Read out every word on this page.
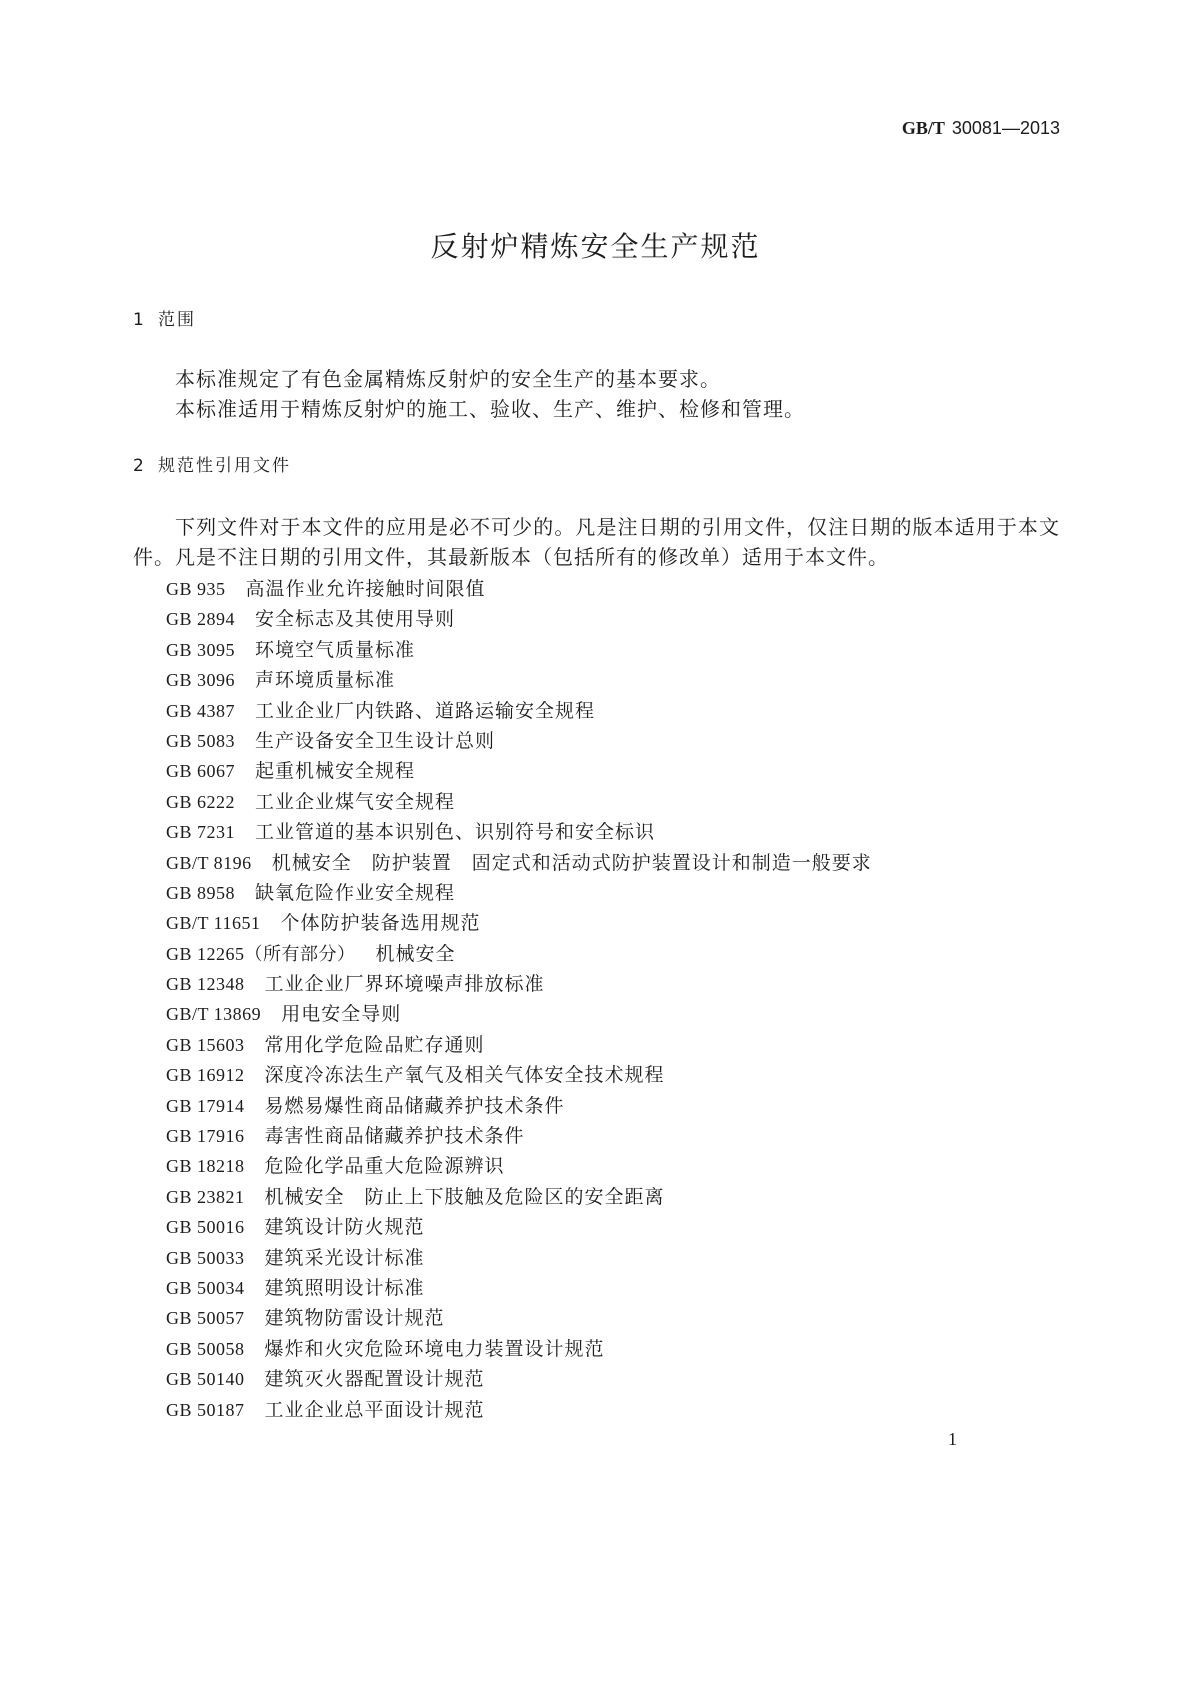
GB/T 30081—2013
反射炉精炼安全生产规范
1 范围

本标准规定了有色金属精炼反射炉的安全生产的基本要求。

本标准适用于精炼反射炉的施工、验收、生产、维护、检修和管理。

2 规范性引用文件

下列文件对于本文件的应用是必不可少的。凡是注日期的引用文件，仅注日期的版本适用于本文件。凡是不注日期的引用文件，其最新版本（包括所有的修改单）适用于本文件。

GB 935 高温作业允许接触时间限值
GB 2894 安全标志及其使用导则
GB 3095 环境空气质量标准
GB 3096 声环境质量标准
GB 4387 工业企业厂内铁路、道路运输安全规程
GB 5083 生产设备安全卫生设计总则
GB 6067 起重机械安全规程
GB 6222 工业企业煤气安全规程
GB 7231 工业管道的基本识别色、识别符号和安全标识
GB/T 8196 机械安全　防护装置　固定式和活动式防护装置设计和制造一般要求
GB 8958 缺氧危险作业安全规程
GB/T 11651 个体防护装备选用规范
GB 12265（所有部分） 机械安全
GB 12348 工业企业厂界环境噪声排放标准
GB/T 13869 用电安全导则
GB 15603 常用化学危险品贮存通则
GB 16912 深度冷冻法生产氧气及相关气体安全技术规程
GB 17914 易燃易爆性商品储藏养护技术条件
GB 17916 毒害性商品储藏养护技术条件
GB 18218 危险化学品重大危险源辨识
GB 23821 机械安全　防止上下肢触及危险区的安全距离
GB 50016 建筑设计防火规范
GB 50033 建筑采光设计标准
GB 50034 建筑照明设计标准
GB 50057 建筑物防雷设计规范
GB 50058 爆炸和火灾危险环境电力装置设计规范
GB 50140 建筑灭火器配置设计规范
GB 50187 工业企业总平面设计规范
1
